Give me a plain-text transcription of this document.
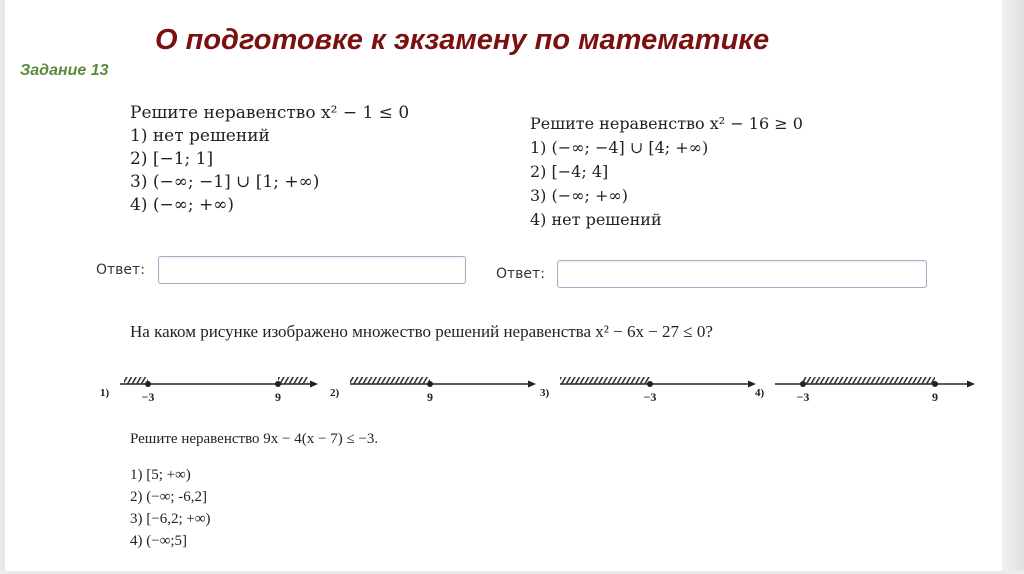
О подготовке к экзамену по математике
Задание 13
Решите неравенство x² − 1 ≤ 0
1) нет решений
2) [−1; 1]
3) (−∞; −1] ∪ [1; +∞)
4) (−∞; +∞)
Ответ:
Решите неравенство x² − 16 ≥ 0
1) (−∞; −4] ∪ [4; +∞)
2) [−4; 4]
3) (−∞; +∞)
4) нет решений
Ответ:
На каком рисунке изображено множество решений неравенства x² − 6x − 27 ≤ 0?
1)	−3	9	2)	9	3)	−3	4)	−3	9
Решите неравенство 9x − 4(x − 7) ≤ −3.
1) [5; +∞)
2) (−∞; -6,2]
3) [−6,2; +∞)
4) (−∞;5]
